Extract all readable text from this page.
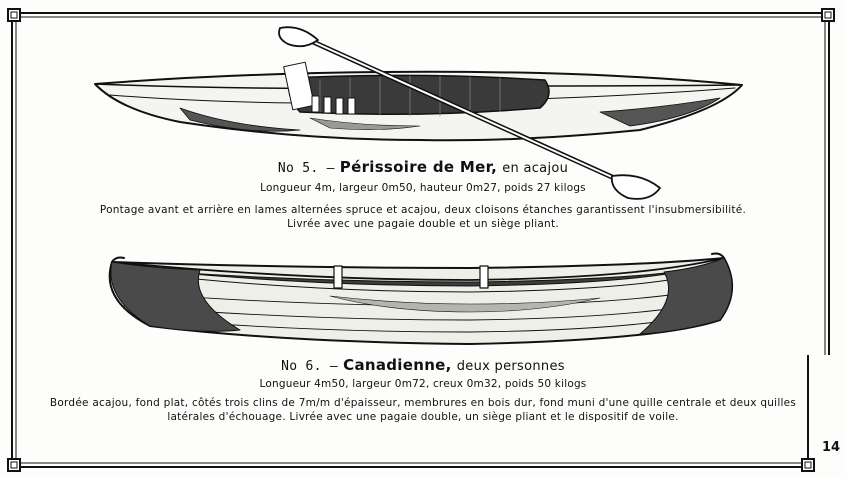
No 5. — Périssoire de Mer, en acajou
Longueur 4m, largeur 0m50, hauteur 0m27, poids 27 kilogs
Pontage avant et arrière en lames alternées spruce et acajou, deux cloisons étanches garantissent l'insubmersibilité.
Livrée avec une pagaie double et un siège pliant.
No 6. — Canadienne, deux personnes
Longueur 4m50, largeur 0m72, creux 0m32, poids 50 kilogs
Bordée acajou, fond plat, côtés trois clins de 7m/m d'épaisseur, membrures en bois dur, fond muni d'une quille centrale et deux quilles
latérales d'échouage. Livrée avec une pagaie double, un siège pliant et le dispositif de voile.
14
